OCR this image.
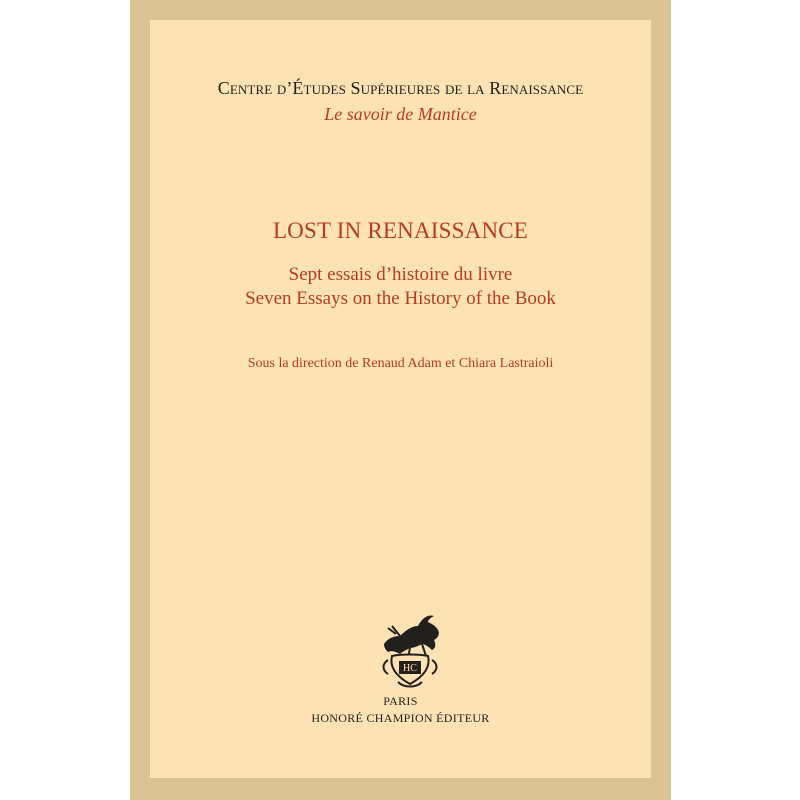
Centre d’Études Supérieures de la Renaissance
Le savoir de Mantice
LOST IN RENAISSANCE
Sept essais d’histoire du livre
Seven Essays on the History of the Book
Sous la direction de Renaud Adam et Chiara Lastraioli
HC
PARIS
HONORÉ CHAMPION ÉDITEUR
